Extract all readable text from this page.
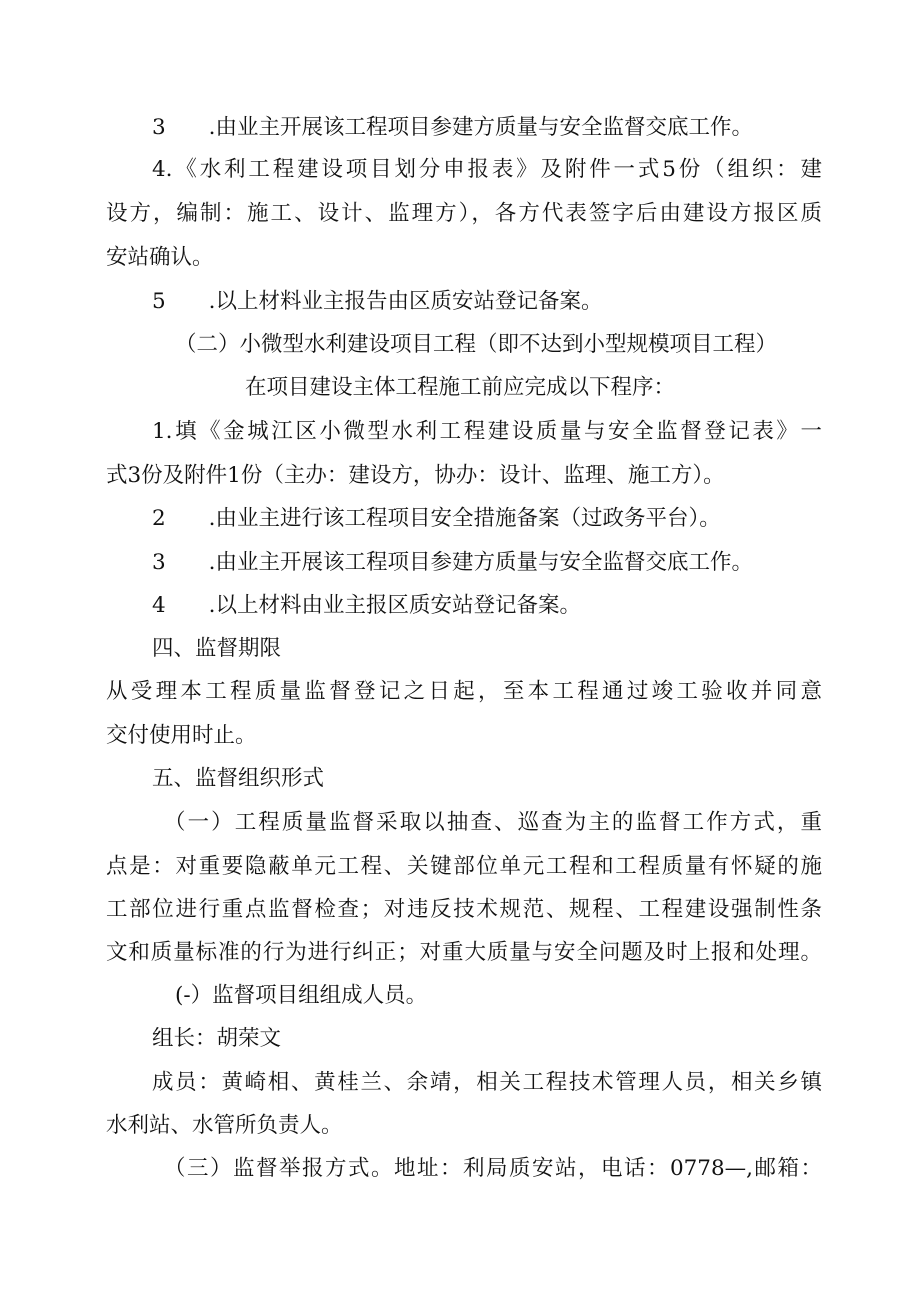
3　　.由业主开展该工程项目参建方质量与安全监督交底工作。
4.《水利工程建设项目划分申报表》及附件一式5份（组织：建
设方，编制：施工、设计、监理方），各方代表签字后由建设方报区质
安站确认。
5　　.以上材料业主报告由区质安站登记备案。
（二）小微型水利建设项目工程（即不达到小型规模项目工程）
在项目建设主体工程施工前应完成以下程序：
1.填《金城江区小微型水利工程建设质量与安全监督登记表》一
式3份及附件1份（主办：建设方，协办：设计、监理、施工方）。
2　　.由业主进行该工程项目安全措施备案（过政务平台）。
3　　.由业主开展该工程项目参建方质量与安全监督交底工作。
4　　.以上材料由业主报区质安站登记备案。
四、监督期限
从受理本工程质量监督登记之日起，至本工程通过竣工验收并同意
交付使用时止。
五、监督组织形式
（一）工程质量监督采取以抽查、巡查为主的监督工作方式，重
点是：对重要隐蔽单元工程、关键部位单元工程和工程质量有怀疑的施
工部位进行重点监督检查；对违反技术规范、规程、工程建设强制性条
文和质量标准的行为进行纠正；对重大质量与安全问题及时上报和处理。
(-）监督项目组组成人员。
组长：胡荣文
成员：黄崎相、黄桂兰、余靖，相关工程技术管理人员，相关乡镇
水利站、水管所负责人。
（三）监督举报方式。地址：利局质安站，电话：0778—,邮箱：
